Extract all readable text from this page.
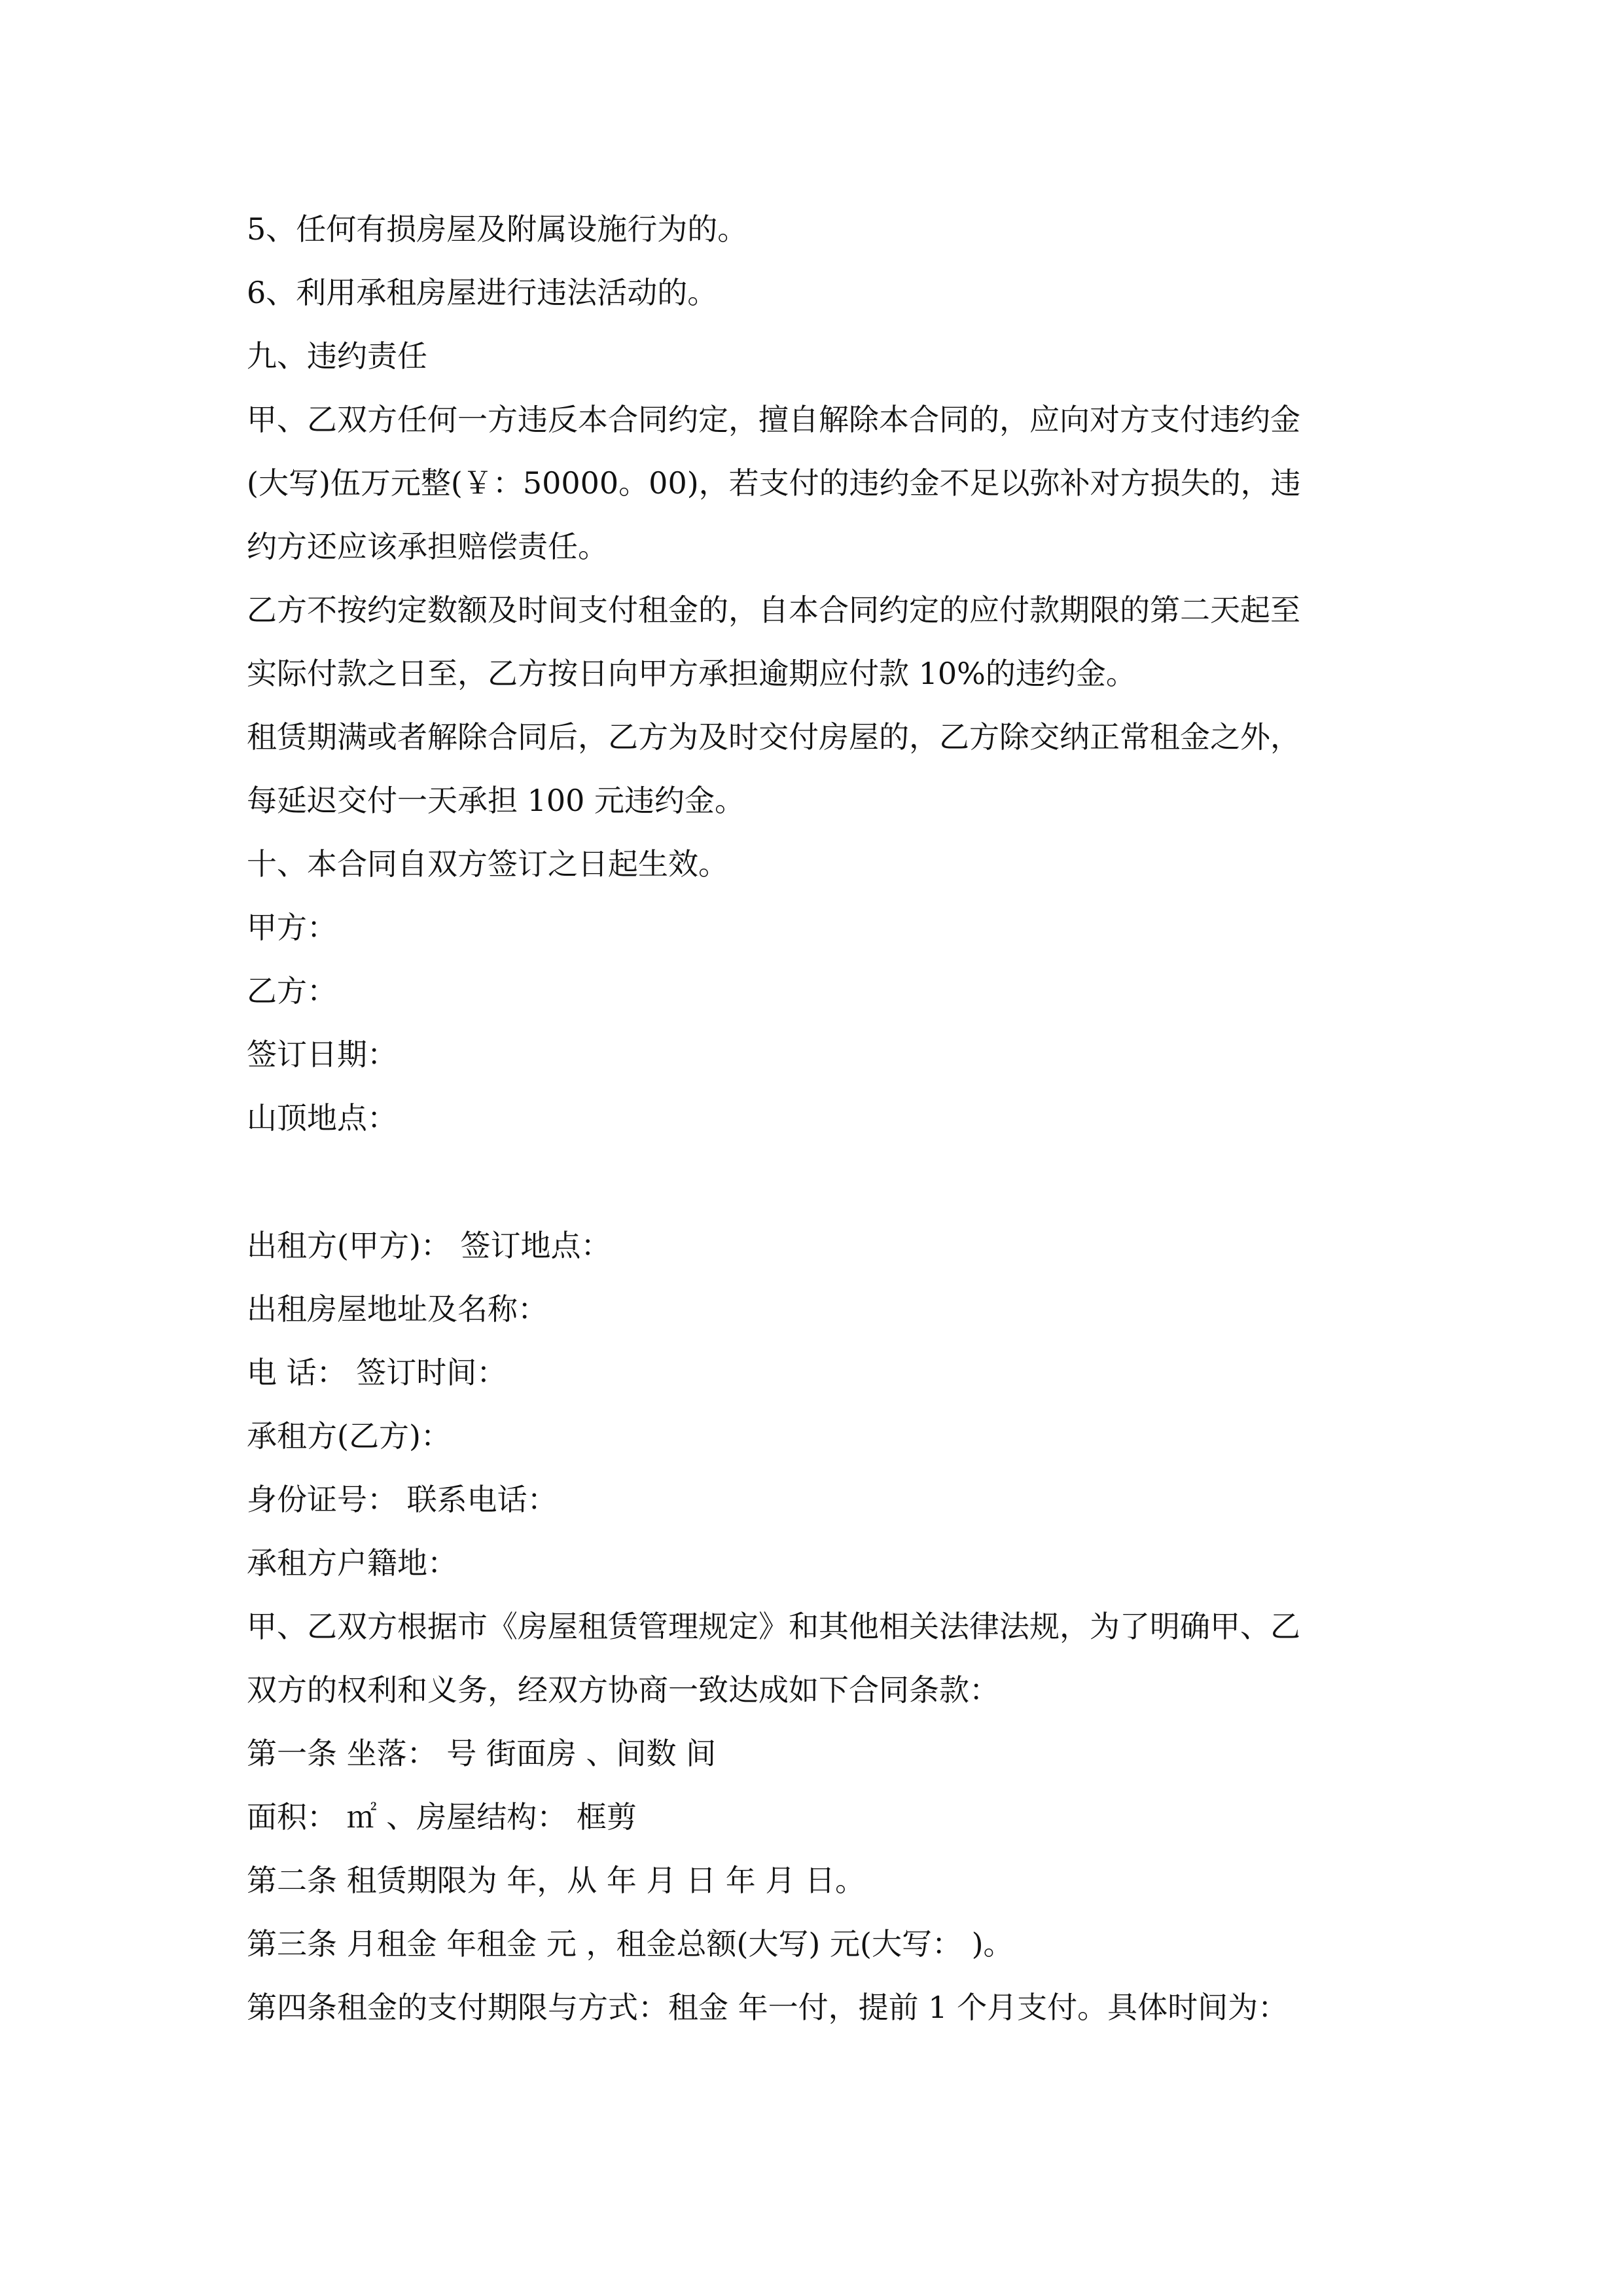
5、任何有损房屋及附属设施行为的。
6、利用承租房屋进行违法活动的。
九、违约责任
甲、乙双方任何一方违反本合同约定，擅自解除本合同的，应向对方支付违约金
(大写)伍万元整(￥：50000。00)，若支付的违约金不足以弥补对方损失的，违
约方还应该承担赔偿责任。
乙方不按约定数额及时间支付租金的，自本合同约定的应付款期限的第二天起至
实际付款之日至，乙方按日向甲方承担逾期应付款 10%的违约金。
租赁期满或者解除合同后，乙方为及时交付房屋的，乙方除交纳正常租金之外，
每延迟交付一天承担 100 元违约金。
十、本合同自双方签订之日起生效。
甲方：
乙方：
签订日期：
山顶地点：
出租方(甲方)： 签订地点：
出租房屋地址及名称：
电 话： 签订时间：
承租方(乙方)：
身份证号： 联系电话：
承租方户籍地：
甲、乙双方根据市《房屋租赁管理规定》和其他相关法律法规，为了明确甲、乙
双方的权利和义务，经双方协商一致达成如下合同条款：
第一条 坐落： 号 街面房 、间数 间
面积： ㎡ 、房屋结构： 框剪
第二条 租赁期限为 年，从 年 月 日 年 月 日。
第三条 月租金 年租金 元 ，租金总额(大写) 元(大写： )。
第四条租金的支付期限与方式：租金 年一付，提前 1 个月支付。具体时间为：
